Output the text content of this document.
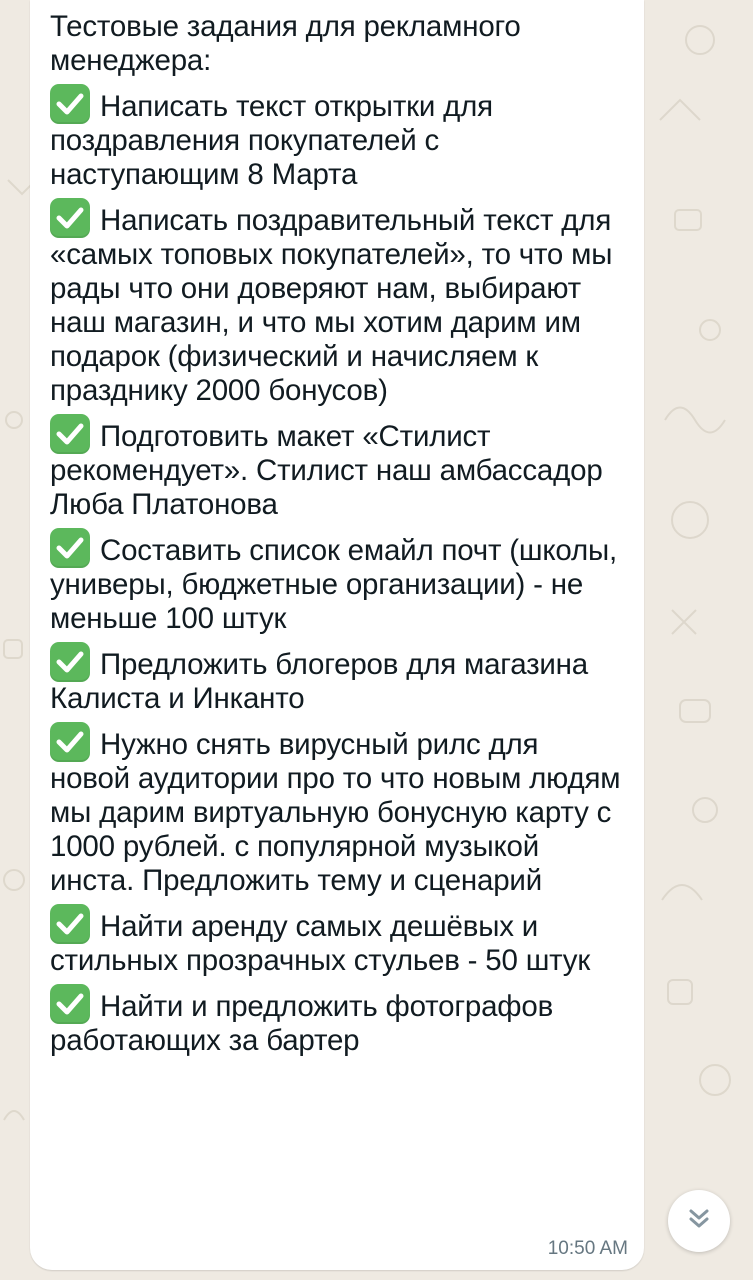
Тестовые задания для рекламного менеджера:
Написать текст открытки для поздравления покупателей с наступающим 8 Марта
Написать поздравительный текст для «самых топовых покупателей», то что мы рады что они доверяют нам, выбирают наш магазин, и что мы хотим дарим им подарок (физический и начисляем к празднику 2000 бонусов)
Подготовить макет «Стилист рекомендует». Стилист наш амбассадор Люба Платонова
Составить список емайл почт (школы, универы, бюджетные организации) - не меньше 100 штук
Предложить блогеров для магазина Калиста и Инканто
Нужно снять вирусный рилс для новой аудитории про то что новым людям мы дарим виртуальную бонусную карту с 1000 рублей. с популярной музыкой инста. Предложить тему и сценарий
Найти аренду самых дешёвых и стильных прозрачных стульев - 50 штук
Найти и предложить фотографов работающих за бартер
10:50 AM
